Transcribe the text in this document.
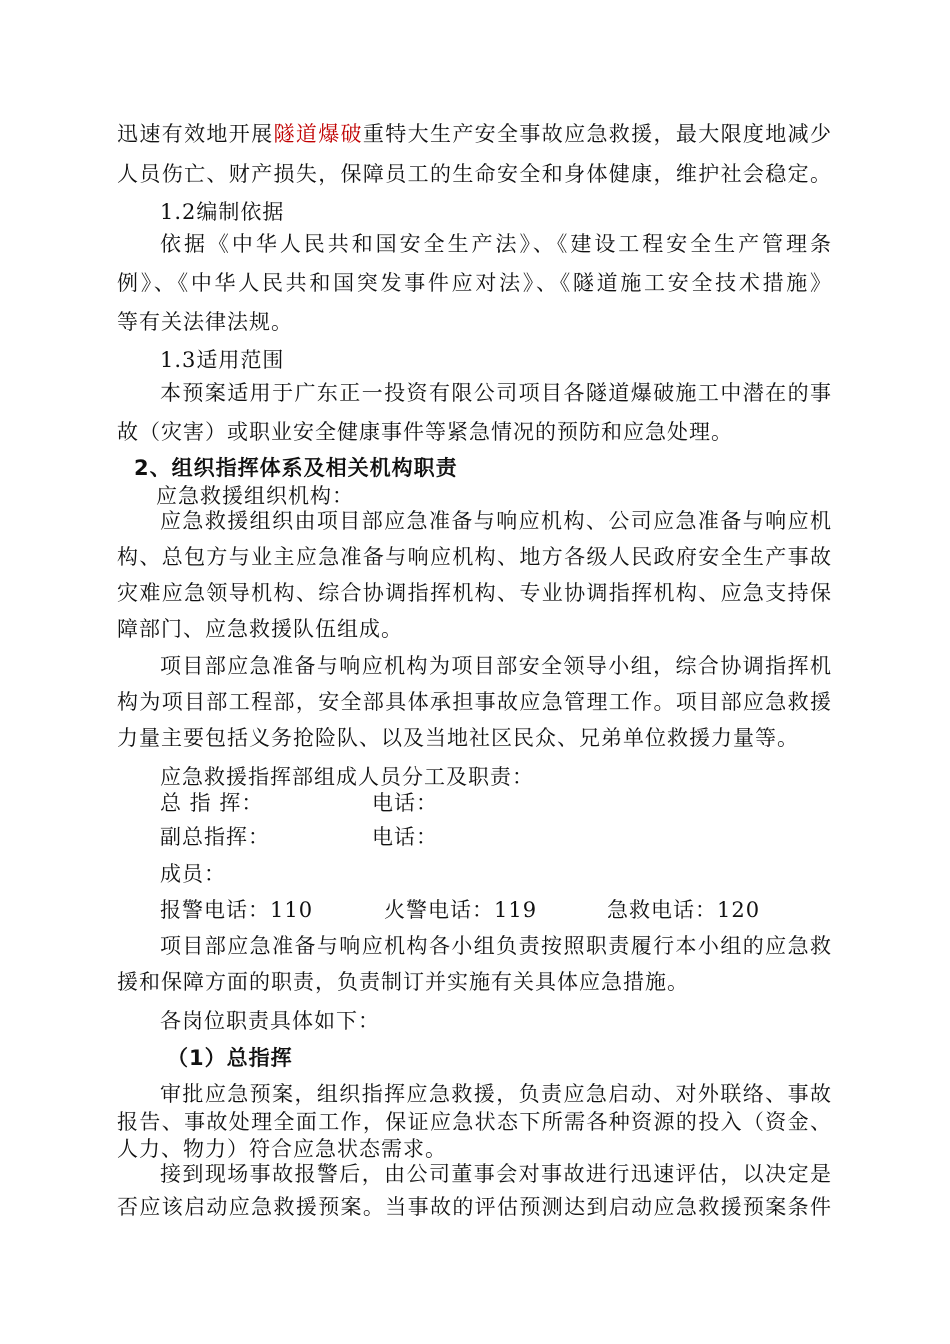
迅速有效地开展隧道爆破重特大生产安全事故应急救援，最大限度地减少
人员伤亡、财产损失，保障员工的生命安全和身体健康，维护社会稳定。
1.2编制依据
依据《中华人民共和国安全生产法》、《建设工程安全生产管理条
例》、《中华人民共和国突发事件应对法》、《隧道施工安全技术措施》
等有关法律法规。
1.3适用范围
本预案适用于广东正一投资有限公司项目各隧道爆破施工中潜在的事
故（灾害）或职业安全健康事件等紧急情况的预防和应急处理。
2、组织指挥体系及相关机构职责
应急救援组织机构：
应急救援组织由项目部应急准备与响应机构、公司应急准备与响应机
构、总包方与业主应急准备与响应机构、地方各级人民政府安全生产事故
灾难应急领导机构、综合协调指挥机构、专业协调指挥机构、应急支持保
障部门、应急救援队伍组成。
项目部应急准备与响应机构为项目部安全领导小组，综合协调指挥机
构为项目部工程部，安全部具体承担事故应急管理工作。项目部应急救援
力量主要包括义务抢险队、以及当地社区民众、兄弟单位救援力量等。
应急救援指挥部组成人员分工及职责：
总 指 挥：	电话：
副总指挥：	电话：
成员：
报警电话：110	火警电话：119	急救电话：120
项目部应急准备与响应机构各小组负责按照职责履行本小组的应急救
援和保障方面的职责，负责制订并实施有关具体应急措施。
各岗位职责具体如下：
（1）总指挥
审批应急预案，组织指挥应急救援，负责应急启动、对外联络、事故
报告、事故处理全面工作，保证应急状态下所需各种资源的投入（资金、
人力、物力）符合应急状态需求。
接到现场事故报警后，由公司董事会对事故进行迅速评估，以决定是
否应该启动应急救援预案。当事故的评估预测达到启动应急救援预案条件
